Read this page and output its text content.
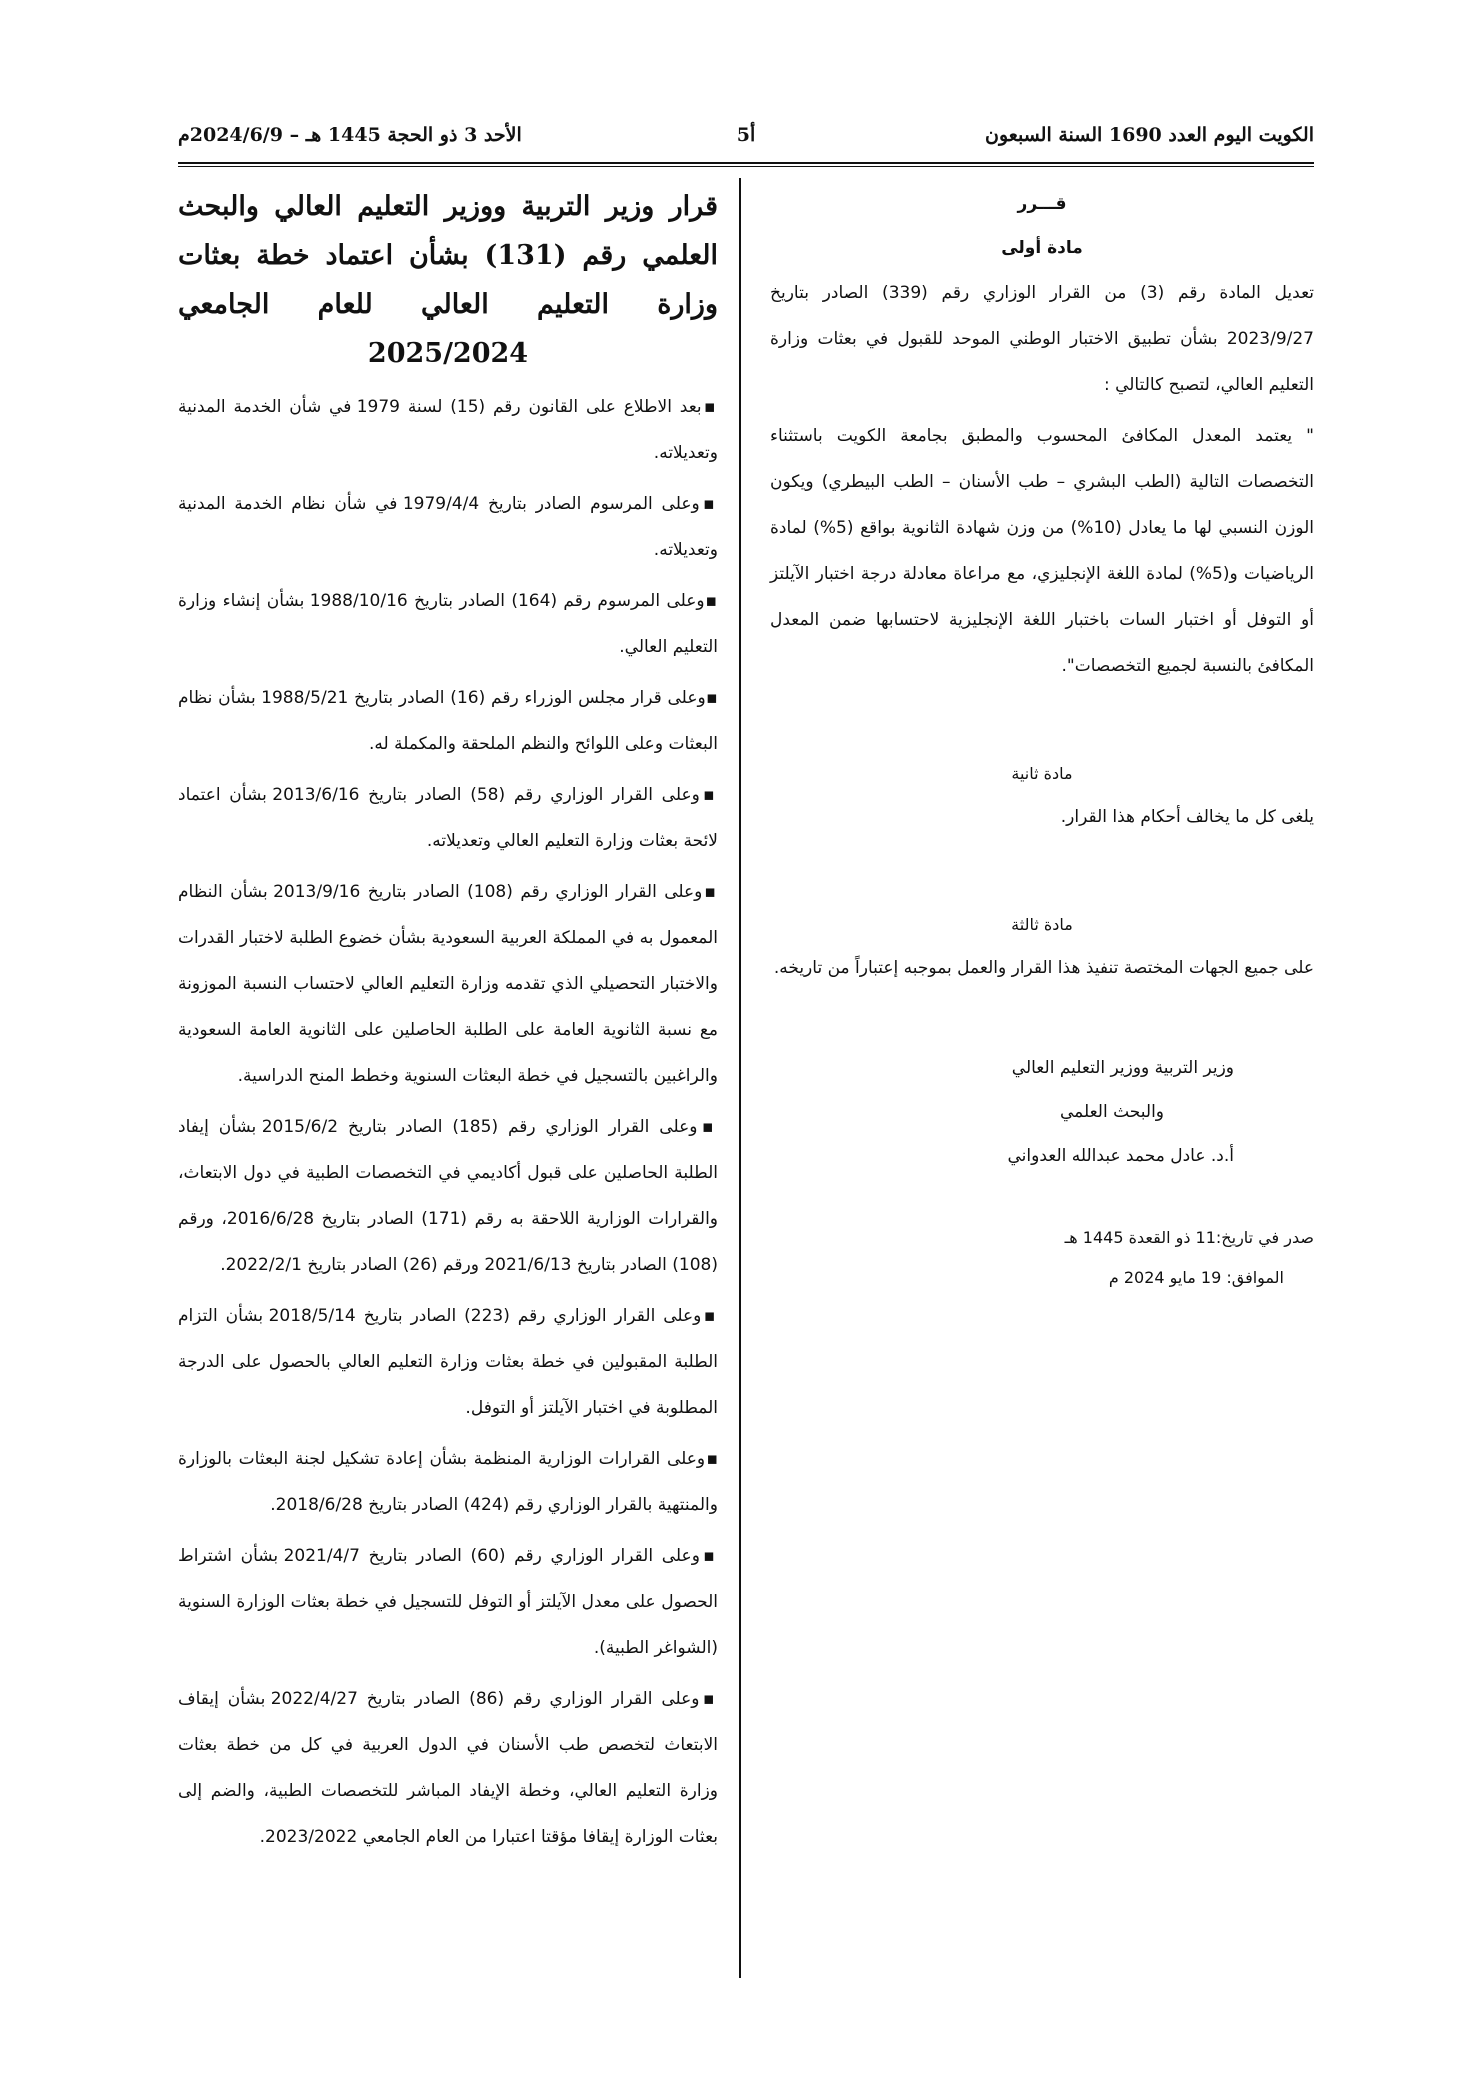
الكويت اليوم العدد 1690 السنة السبعون
أ5
الأحد 3 ذو الحجة 1445 هـ – 2024/6/9م

قـــرر

مادة أولى

تعديل المادة رقم (3) من القرار الوزاري رقم (339) الصادر بتاريخ 2023/9/27 بشأن تطبيق الاختبار الوطني الموحد للقبول في بعثات وزارة التعليم العالي، لتصبح كالتالي :

" يعتمد المعدل المكافئ المحسوب والمطبق بجامعة الكويت باستثناء التخصصات التالية (الطب البشري – طب الأسنان – الطب البيطري) ويكون الوزن النسبي لها ما يعادل (10%) من وزن شهادة الثانوية بواقع (5%) لمادة الرياضيات و(5%) لمادة اللغة الإنجليزي، مع مراعاة معادلة درجة اختبار الآيلتز أو التوفل أو اختبار السات باختبار اللغة الإنجليزية لاحتسابها ضمن المعدل المكافئ بالنسبة لجميع التخصصات".

مادة ثانية

يلغى كل ما يخالف أحكام هذا القرار.

مادة ثالثة

على جميع الجهات المختصة تنفيذ هذا القرار والعمل بموجبه إعتباراً من تاريخه.

وزير التربية ووزير التعليم العالي

والبحث العلمي

أ.د. عادل محمد عبدالله العدواني

صدر في تاريخ:11 ذو القعدة 1445 هـ

الموافق: 19 مايو 2024 م

قرار وزير التربية ووزير التعليم العالي والبحث العلمي رقم (131) بشأن اعتماد خطة بعثات وزارة التعليم العالي للعام الجامعي 2025/2024

▪بعد الاطلاع على القانون رقم (15) لسنة 1979 في شأن الخدمة المدنية وتعديلاته.

▪وعلى المرسوم الصادر بتاريخ 1979/4/4 في شأن نظام الخدمة المدنية وتعديلاته.

▪وعلى المرسوم رقم (164) الصادر بتاريخ 1988/10/16 بشأن إنشاء وزارة التعليم العالي.

▪وعلى قرار مجلس الوزراء رقم (16) الصادر بتاريخ 1988/5/21 بشأن نظام البعثات وعلى اللوائح والنظم الملحقة والمكملة له.

▪وعلى القرار الوزاري رقم (58) الصادر بتاريخ 2013/6/16 بشأن اعتماد لائحة بعثات وزارة التعليم العالي وتعديلاته.

▪وعلى القرار الوزاري رقم (108) الصادر بتاريخ 2013/9/16 بشأن النظام المعمول به في المملكة العربية السعودية بشأن خضوع الطلبة لاختبار القدرات والاختبار التحصيلي الذي تقدمه وزارة التعليم العالي لاحتساب النسبة الموزونة مع نسبة الثانوية العامة على الطلبة الحاصلين على الثانوية العامة السعودية والراغبين بالتسجيل في خطة البعثات السنوية وخطط المنح الدراسية.

▪وعلى القرار الوزاري رقم (185) الصادر بتاريخ 2015/6/2 بشأن إيفاد الطلبة الحاصلين على قبول أكاديمي في التخصصات الطبية في دول الابتعاث، والقرارات الوزارية اللاحقة به رقم (171) الصادر بتاريخ 2016/6/28، ورقم (108) الصادر بتاريخ 2021/6/13 ورقم (26) الصادر بتاريخ 2022/2/1.

▪وعلى القرار الوزاري رقم (223) الصادر بتاريخ 2018/5/14 بشأن التزام الطلبة المقبولين في خطة بعثات وزارة التعليم العالي بالحصول على الدرجة المطلوبة في اختبار الآيلتز أو التوفل.

▪وعلى القرارات الوزارية المنظمة بشأن إعادة تشكيل لجنة البعثات بالوزارة والمنتهية بالقرار الوزاري رقم (424) الصادر بتاريخ 2018/6/28.

▪وعلى القرار الوزاري رقم (60) الصادر بتاريخ 2021/4/7 بشأن اشتراط الحصول على معدل الآيلتز أو التوفل للتسجيل في خطة بعثات الوزارة السنوية (الشواغر الطبية).

▪وعلى القرار الوزاري رقم (86) الصادر بتاريخ 2022/4/27 بشأن إيقاف الابتعاث لتخصص طب الأسنان في الدول العربية في كل من خطة بعثات وزارة التعليم العالي، وخطة الإيفاد المباشر للتخصصات الطبية، والضم إلى بعثات الوزارة إيقافا مؤقتا اعتبارا من العام الجامعي 2023/2022.
